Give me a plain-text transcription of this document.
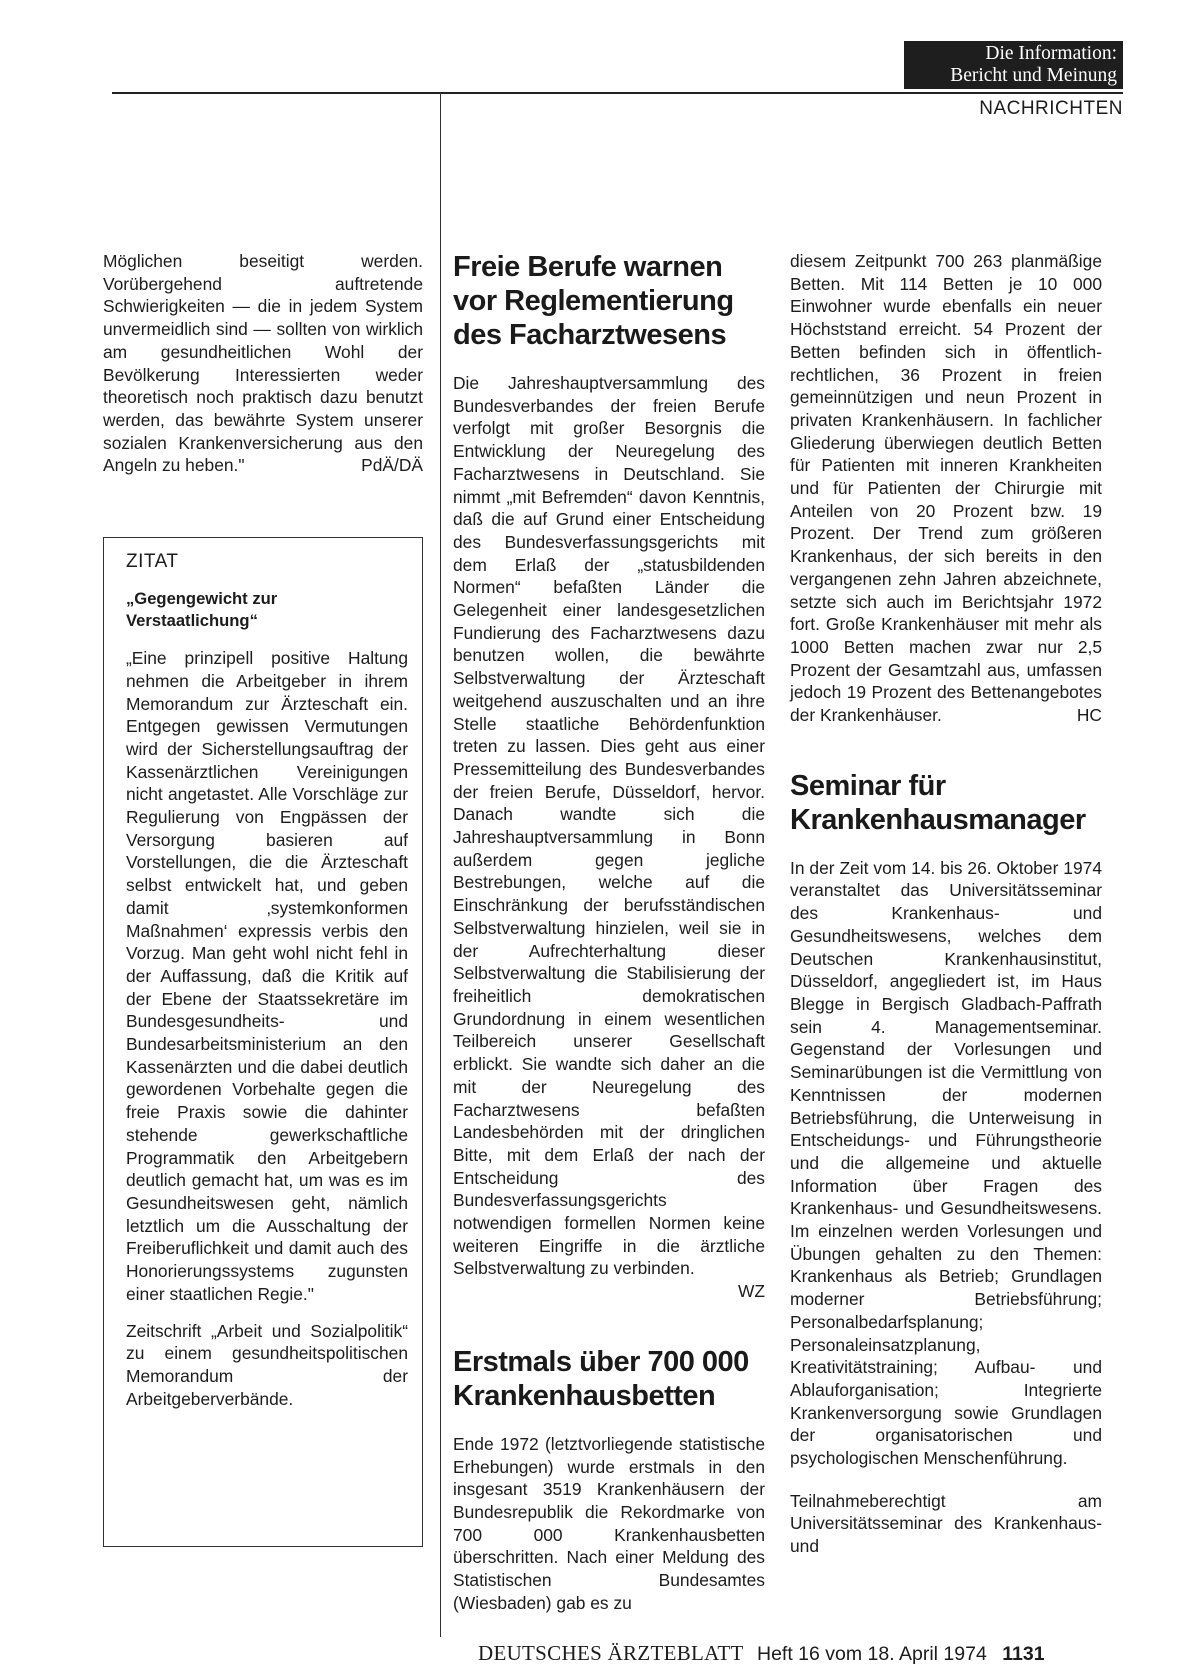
Die Information:
Bericht und Meinung
NACHRICHTEN

Möglichen beseitigt werden. Vorübergehend auftretende Schwierigkeiten — die in jedem System unvermeidlich sind — sollten von wirklich am gesundheitlichen Wohl der Bevölkerung Interessierten weder theoretisch noch praktisch dazu benutzt werden, das bewährte System unserer sozialen Krankenversicherung aus den Angeln zu heben."	PdÄ/DÄ
ZITAT
„Gegengewicht zur Verstaatlichung“

„Eine prinzipell positive Haltung nehmen die Arbeitgeber in ihrem Memorandum zur Ärzteschaft ein. Entgegen gewissen Vermutungen wird der Sicherstellungsauftrag der Kassenärztlichen Vereinigungen nicht angetastet. Alle Vorschläge zur Regulierung von Engpässen der Versorgung basieren auf Vorstellungen, die die Ärzteschaft selbst entwickelt hat, und geben damit ‚systemkonformen Maßnahmen‘ expressis verbis den Vorzug. Man geht wohl nicht fehl in der Auffassung, daß die Kritik auf der Ebene der Staatssekretäre im Bundesgesundheits- und Bundesarbeitsministerium an den Kassenärzten und die dabei deutlich gewordenen Vorbehalte gegen die freie Praxis sowie die dahinter stehende gewerkschaftliche Programmatik den Arbeitgebern deutlich gemacht hat, um was es im Gesundheitswesen geht, nämlich letztlich um die Ausschaltung der Freiberuflichkeit und damit auch des Honorierungssystems zugunsten einer staatlichen Regie."

Zeitschrift „Arbeit und Sozialpolitik“ zu einem gesundheitspolitischen Memorandum der Arbeitgeberverbände.

Freie Berufe warnen vor Reglementierung des Facharztwesens

Die Jahreshauptversammlung des Bundesverbandes der freien Berufe verfolgt mit großer Besorgnis die Entwicklung der Neuregelung des Facharztwesens in Deutschland. Sie nimmt „mit Befremden“ davon Kenntnis, daß die auf Grund einer Entscheidung des Bundesverfassungsgerichts mit dem Erlaß der „statusbildenden Normen“ befaßten Länder die Gelegenheit einer landesgesetzlichen Fundierung des Facharztwesens dazu benutzen wollen, die bewährte Selbstverwaltung der Ärzteschaft weitgehend auszuschalten und an ihre Stelle staatliche Behördenfunktion treten zu lassen. Dies geht aus einer Pressemitteilung des Bundesverbandes der freien Berufe, Düsseldorf, hervor. Danach wandte sich die Jahreshauptversammlung in Bonn außerdem gegen jegliche Bestrebungen, welche auf die Einschränkung der berufsständischen Selbstverwaltung hinzielen, weil sie in der Aufrechterhaltung dieser Selbstverwaltung die Stabilisierung der freiheitlich demokratischen Grundordnung in einem wesentlichen Teilbereich unserer Gesellschaft erblickt. Sie wandte sich daher an die mit der Neuregelung des Facharztwesens befaßten Landesbehörden mit der dringlichen Bitte, mit dem Erlaß der nach der Entscheidung des Bundesverfassungsgerichts notwendigen formellen Normen keine weiteren Eingriffe in die ärztliche Selbstverwaltung zu verbinden.

WZ
Erstmals über 700 000 Krankenhausbetten

Ende 1972 (letztvorliegende statistische Erhebungen) wurde erstmals in den insgesant 3519 Krankenhäusern der Bundesrepublik die Rekordmarke von 700 000 Krankenhausbetten überschritten. Nach einer Meldung des Statistischen Bundesamtes (Wiesbaden) gab es zu

diesem Zeitpunkt 700 263 planmäßige Betten. Mit 114 Betten je 10 000 Einwohner wurde ebenfalls ein neuer Höchststand erreicht. 54 Prozent der Betten befinden sich in öffentlich-rechtlichen, 36 Prozent in freien gemeinnützigen und neun Prozent in privaten Krankenhäusern. In fachlicher Gliederung überwiegen deutlich Betten für Patienten mit inneren Krankheiten und für Patienten der Chirurgie mit Anteilen von 20 Prozent bzw. 19 Prozent. Der Trend zum größeren Krankenhaus, der sich bereits in den vergangenen zehn Jahren abzeichnete, setzte sich auch im Berichtsjahr 1972 fort. Große Krankenhäuser mit mehr als 1000 Betten machen zwar nur 2,5 Prozent der Gesamtzahl aus, umfassen jedoch 19 Prozent des Bettenangebotes der Krankenhäuser.	HC
Seminar für Krankenhausmanager

In der Zeit vom 14. bis 26. Oktober 1974 veranstaltet das Universitätsseminar des Krankenhaus- und Gesundheitswesens, welches dem Deutschen Krankenhausinstitut, Düsseldorf, angegliedert ist, im Haus Blegge in Bergisch Gladbach-Paffrath sein 4. Managementseminar. Gegenstand der Vorlesungen und Seminarübungen ist die Vermittlung von Kenntnissen der modernen Betriebsführung, die Unterweisung in Entscheidungs- und Führungstheorie und die allgemeine und aktuelle Information über Fragen des Krankenhaus- und Gesundheitswesens. Im einzelnen werden Vorlesungen und Übungen gehalten zu den Themen: Krankenhaus als Betrieb; Grundlagen moderner Betriebsführung; Personalbedarfsplanung; Personaleinsatzplanung, Kreativitätstraining; Aufbau- und Ablauforganisation; Integrierte Krankenversorgung sowie Grundlagen der organisatorischen und psychologischen Menschenführung.

Teilnahmeberechtigt am Universitätsseminar des Krankenhaus- und

DEUTSCHES ÄRZTEBLATT Heft 16 vom 18. April 1974 1131
